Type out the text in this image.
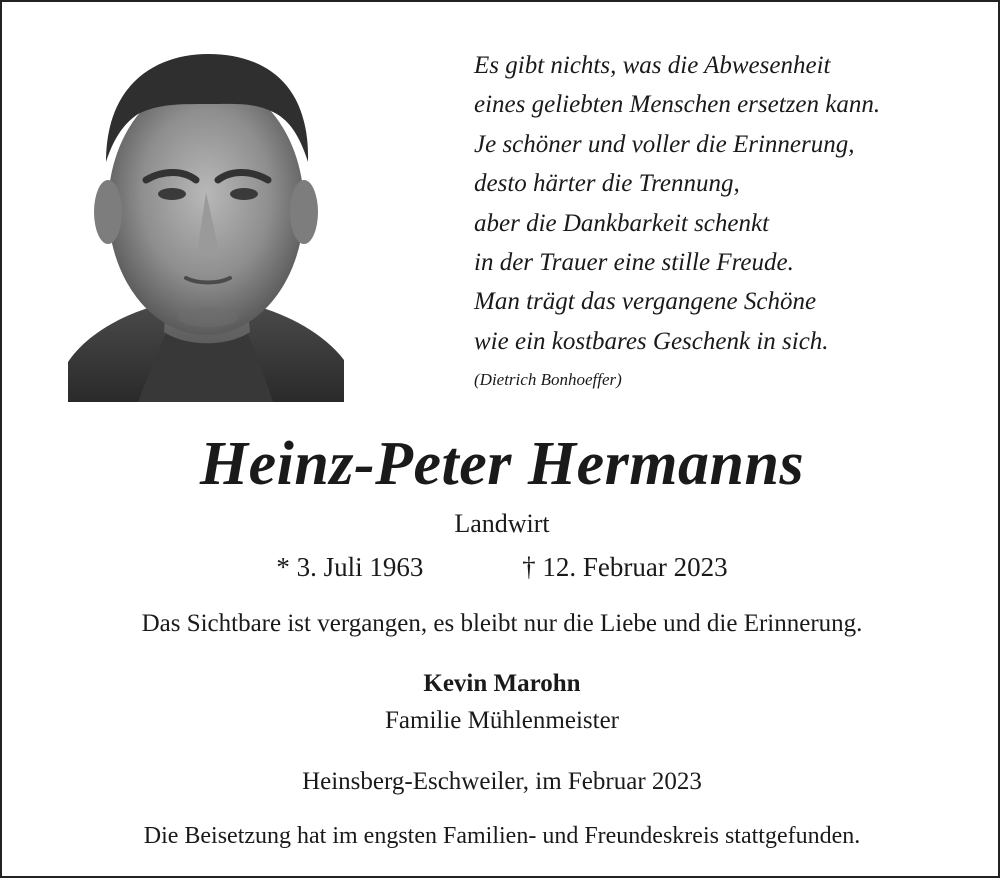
Es gibt nichts, was die Abwesenheit
eines geliebten Menschen ersetzen kann.
Je schöner und voller die Erinnerung,
desto härter die Trennung,
aber die Dankbarkeit schenkt
in der Trauer eine stille Freude.
Man trägt das vergangene Schöne
wie ein kostbares Geschenk in sich.
(Dietrich Bonhoeffer)
Heinz-Peter Hermanns
Landwirt
* 3. Juli 1963	† 12. Februar 2023
Das Sichtbare ist vergangen, es bleibt nur die Liebe und die Erinnerung.
Kevin Marohn
Familie Mühlenmeister
Heinsberg-Eschweiler, im Februar 2023
Die Beisetzung hat im engsten Familien- und Freundeskreis stattgefunden.
